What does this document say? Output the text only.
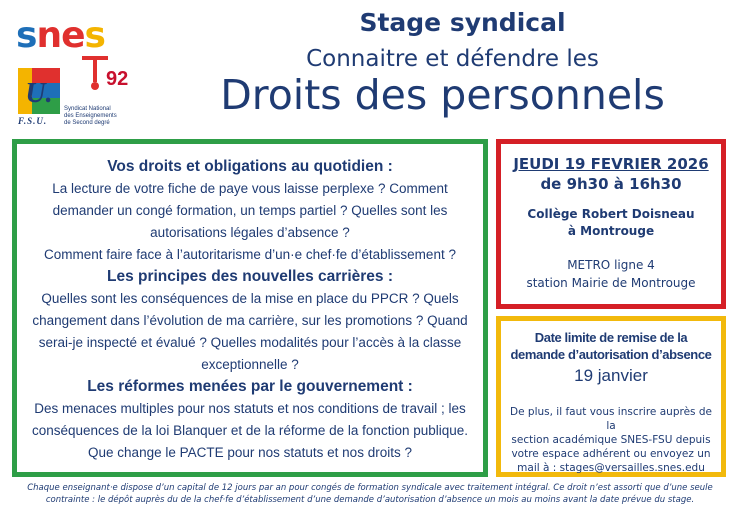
snes
92
U.
F.S.U.
Syndicat National
des Enseignements
de Second degré
Stage syndical
Connaitre et défendre les
Droits des personnels
Vos droits et obligations au quotidien :
La lecture de votre fiche de paye vous laisse perplexe ? Comment
demander un congé formation, un temps partiel ? Quelles sont les
autorisations légales d’absence ?
Comment faire face à l’autoritarisme d’un·e chef·fe d’établissement ?
Les principes des nouvelles carrières :
Quelles sont les conséquences de la mise en place du PPCR ? Quels
changement dans l’évolution de ma carrière, sur les promotions ? Quand
serai-je inspecté et évalué ? Quelles modalités pour l’accès à la classe
exceptionnelle ?
Les réformes menées par le gouvernement :
Des menaces multiples pour nos statuts et nos conditions de travail ; les
conséquences de la loi Blanquer et de la réforme de la fonction publique.
Que change le PACTE pour nos statuts et nos droits ?
JEUDI 19 FEVRIER 2026
de 9h30 à 16h30
Collège Robert Doisneau
à Montrouge
METRO ligne 4
station Mairie de Montrouge
Date limite de remise de la
demande d’autorisation d’absence
19 janvier
De plus, il faut vous inscrire auprès de la
section académique SNES-FSU depuis
votre espace adhérent ou envoyez un
mail à : stages@versailles.snes.edu
Chaque enseignant·e dispose d’un capital de 12 jours par an pour congés de formation syndicale avec traitement intégral. Ce droit n’est assorti que d’une seule
contrainte : le dépôt auprès du de la chef·fe d’établissement d’une demande d’autorisation d’absence un mois au moins avant la date prévue du stage.
